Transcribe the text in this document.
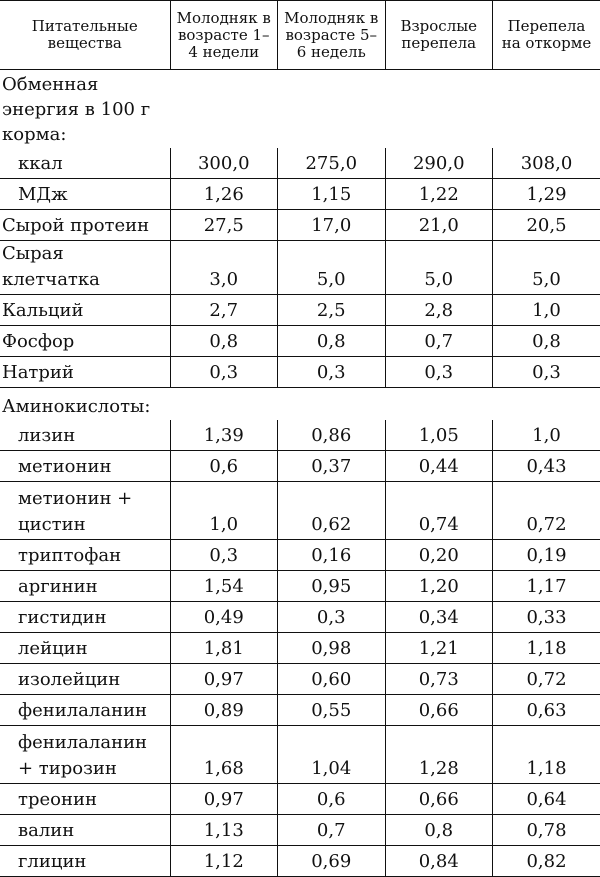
Питательные вещества	Молодняк в возрасте 1–4 недели	Молодняк в возрасте 5–6 недель	Взрослые перепела	Перепела на откорме
Обменная энергия в 100 г корма:				
ккал	300,0	275,0	290,0	308,0
МДж	1,26	1,15	1,22	1,29
Сырой протеин	27,5	17,0	21,0	20,5
Сырая клетчатка	3,0	5,0	5,0	5,0
Кальций	2,7	2,5	2,8	1,0
Фосфор	0,8	0,8	0,7	0,8
Натрий	0,3	0,3	0,3	0,3
Аминокислоты:				
лизин	1,39	0,86	1,05	1,0
метионин	0,6	0,37	0,44	0,43
метионин + цистин	1,0	0,62	0,74	0,72
триптофан	0,3	0,16	0,20	0,19
аргинин	1,54	0,95	1,20	1,17
гистидин	0,49	0,3	0,34	0,33
лейцин	1,81	0,98	1,21	1,18
изолейцин	0,97	0,60	0,73	0,72
фенилаланин	0,89	0,55	0,66	0,63
фенилаланин + тирозин	1,68	1,04	1,28	1,18
треонин	0,97	0,6	0,66	0,64
валин	1,13	0,7	0,8	0,78
глицин	1,12	0,69	0,84	0,82
